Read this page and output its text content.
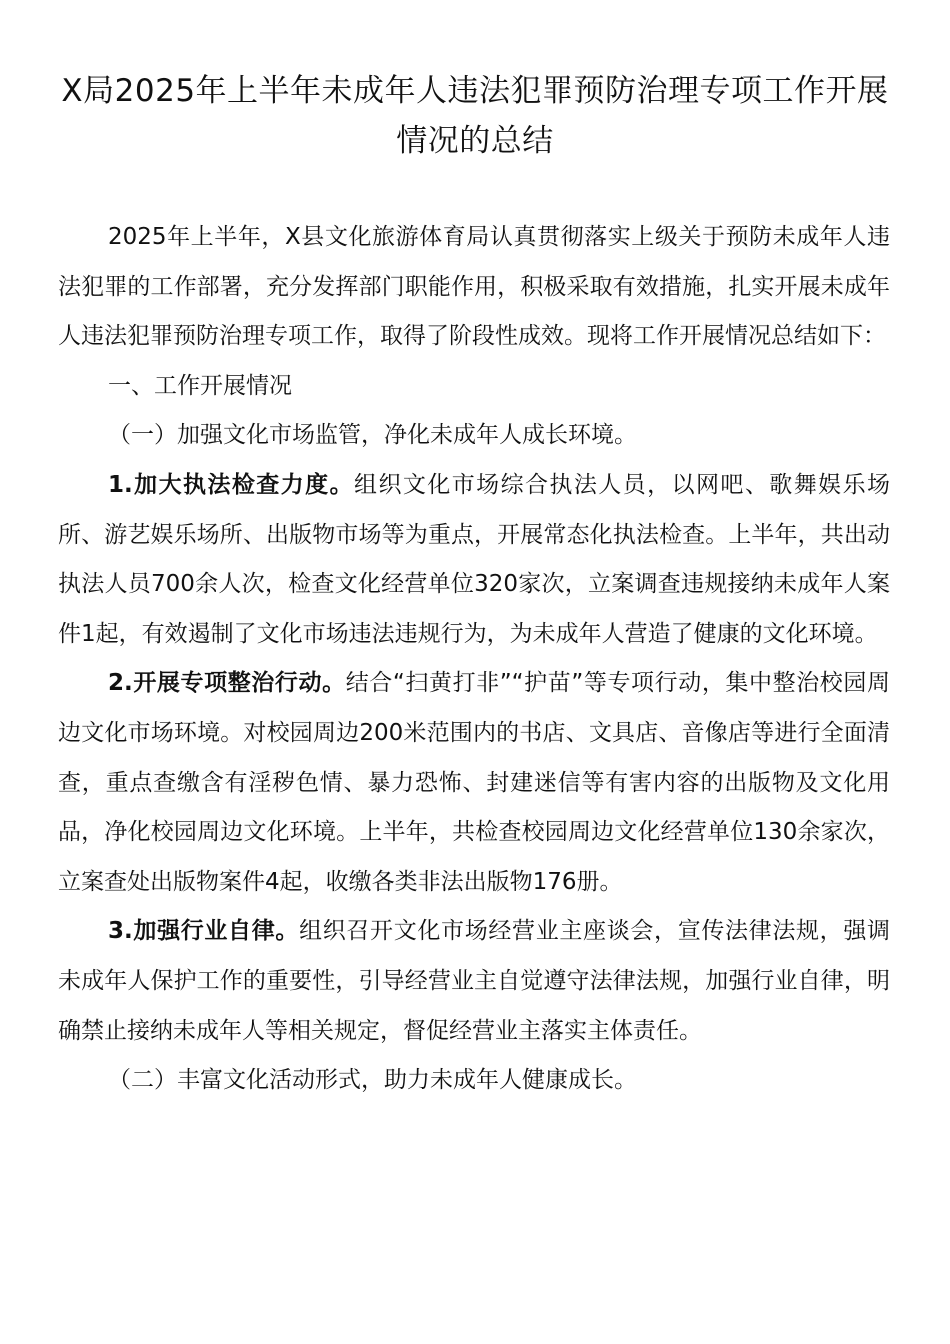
X局2025年上半年未成年人违法犯罪预防治理专项工作开展情况的总结

2025年上半年，X县文化旅游体育局认真贯彻落实上级关于预防未成年人违法犯罪的工作部署，充分发挥部门职能作用，积极采取有效措施，扎实开展未成年人违法犯罪预防治理专项工作，取得了阶段性成效。现将工作开展情况总结如下：

一、工作开展情况

（一）加强文化市场监管，净化未成年人成长环境。

1.加大执法检查力度。组织文化市场综合执法人员，以网吧、歌舞娱乐场所、游艺娱乐场所、出版物市场等为重点，开展常态化执法检查。上半年，共出动执法人员700余人次，检查文化经营单位320家次，立案调查违规接纳未成年人案件1起，有效遏制了文化市场违法违规行为，为未成年人营造了健康的文化环境。

2.开展专项整治行动。结合“扫黄打非”“护苗”等专项行动，集中整治校园周边文化市场环境。对校园周边200米范围内的书店、文具店、音像店等进行全面清查，重点查缴含有淫秽色情、暴力恐怖、封建迷信等有害内容的出版物及文化用品，净化校园周边文化环境。上半年，共检查校园周边文化经营单位130余家次，立案查处出版物案件4起，收缴各类非法出版物176册。

3.加强行业自律。组织召开文化市场经营业主座谈会，宣传法律法规，强调未成年人保护工作的重要性，引导经营业主自觉遵守法律法规，加强行业自律，明确禁止接纳未成年人等相关规定，督促经营业主落实主体责任。

（二）丰富文化活动形式，助力未成年人健康成长。
